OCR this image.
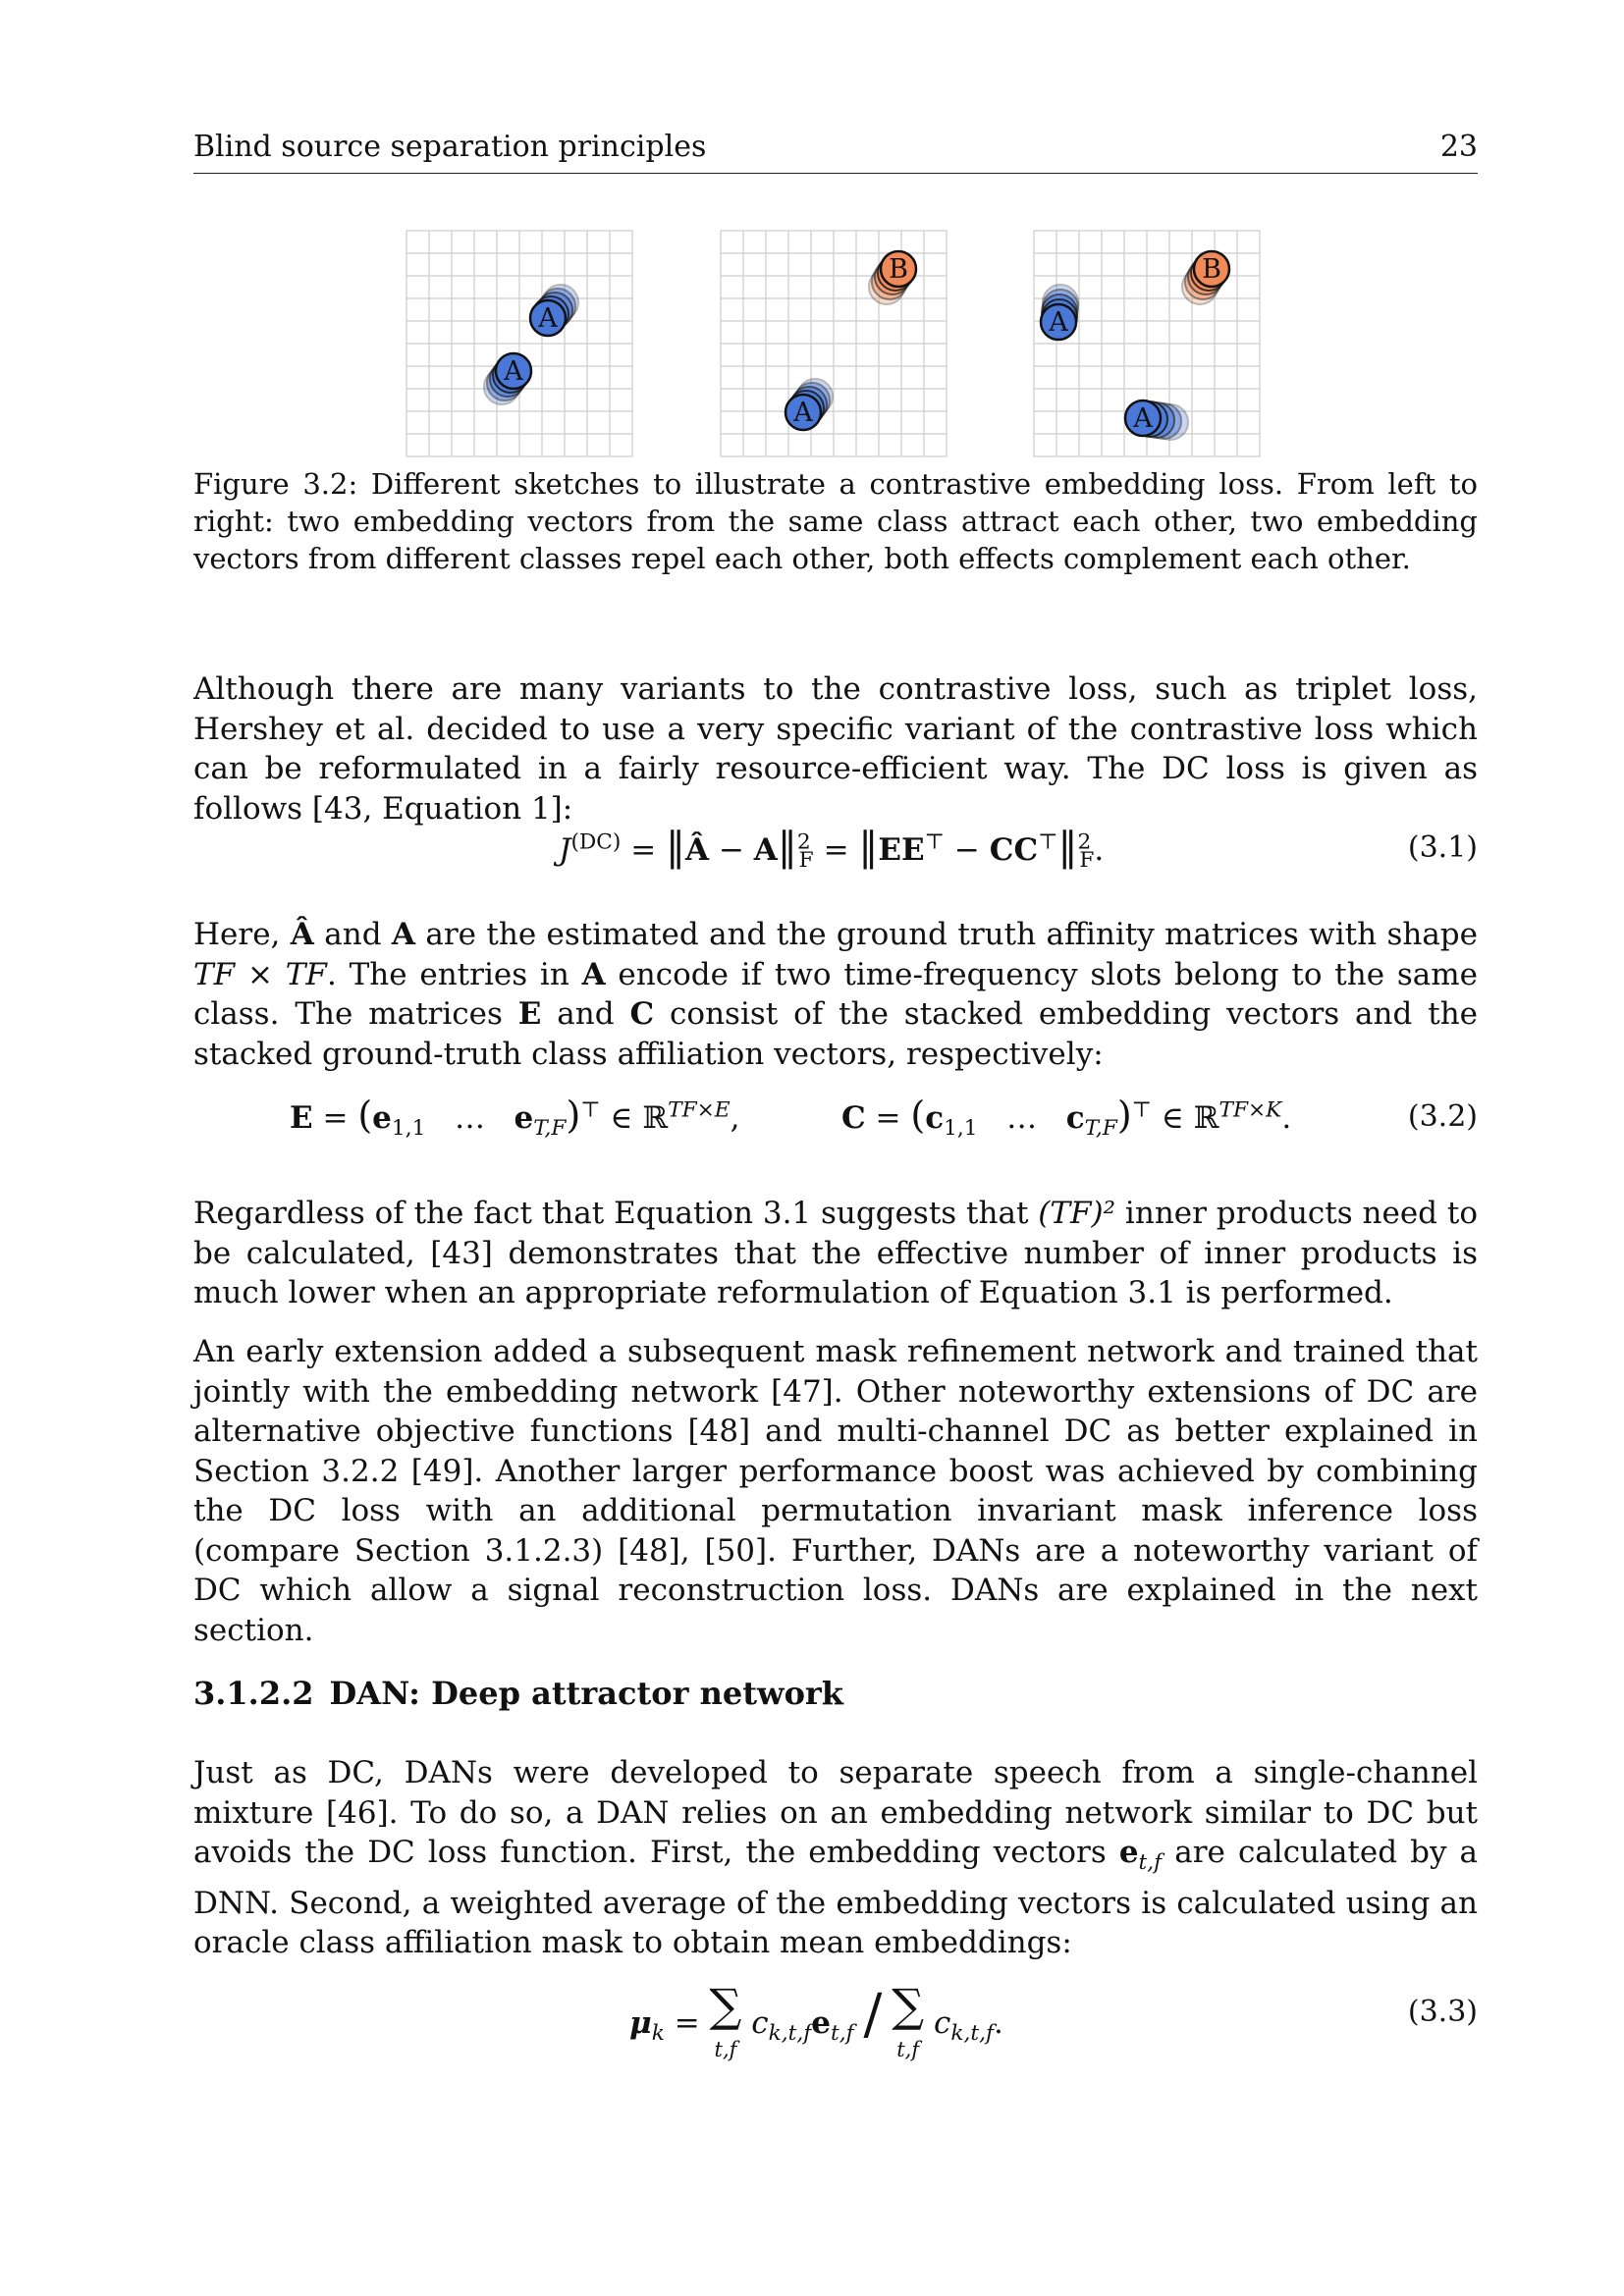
Blind source separation principles	23
A
A
B
A
B
A
A
Figure 3.2: Different sketches to illustrate a contrastive embedding loss. From left to right: two embedding vectors from the same class attract each other, two embedding vectors from different classes repel each other, both effects complement each other.
Although there are many variants to the contrastive loss, such as triplet loss, Hershey et al. decided to use a very specific variant of the contrastive loss which can be reformulated in a fairly resource-efficient way. The DC loss is given as follows [43, Equation 1]:
$J^{(DC)}$ = ‖Â − A‖$^2_F$ = ‖EE⊤ − CC⊤‖$^2_F$.	(3.1)
Here, Â and A are the estimated and the ground truth affinity matrices with shape TF × TF. The entries in A encode if two time-frequency slots belong to the same class. The matrices E and C consist of the stacked embedding vectors and the stacked ground-truth class affiliation vectors, respectively:
$E = (e_{1,1}$   …   $e_{T,F})^⊤$ ∈ ℝ$^{TF\times E}$,	$C = (c_{1,1}$   …   $c_{T,F})^⊤$ ∈ ℝ$^{TF\times K}$.	(3.2)
Regardless of the fact that Equation 3.1 suggests that (TF)² inner products need to be calculated, [43] demonstrates that the effective number of inner products is much lower when an appropriate reformulation of Equation 3.1 is performed.
An early extension added a subsequent mask refinement network and trained that jointly with the embedding network [47]. Other noteworthy extensions of DC are alternative objective functions [48] and multi-channel DC as better explained in Section 3.2.2 [49]. Another larger performance boost was achieved by combining the DC loss with an additional permutation invariant mask inference loss (compare Section 3.1.2.3) [48], [50]. Further, DANs are a noteworthy variant of DC which allow a signal reconstruction loss. DANs are explained in the next section.
3.1.2.2 DAN: Deep attractor network
Just as DC, DANs were developed to separate speech from a single-channel mixture [46]. To do so, a DAN relies on an embedding network similar to DC but avoids the DC loss function. First, the embedding vectors $e_{t,f}$ are calculated by a DNN. Second, a weighted average of the embedding vectors is calculated using an oracle class affiliation mask to obtain mean embeddings:
$\mu_k$ = ∑
t,f $c_{k,t,f}e_{t,f}$ / ∑
t,f $c_{k,t,f}$.	(3.3)
